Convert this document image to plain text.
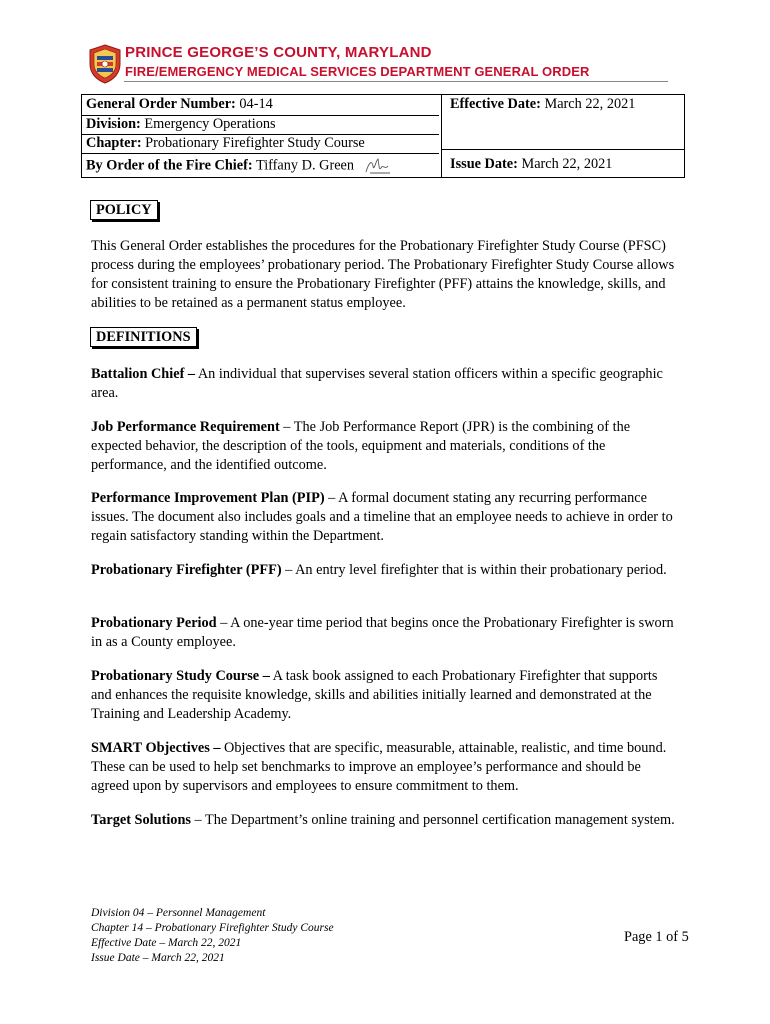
PRINCE GEORGE’S COUNTY, MARYLAND
FIRE/EMERGENCY MEDICAL SERVICES DEPARTMENT GENERAL ORDER
General Order Number: 04-14
Division: Emergency Operations
Chapter: Probationary Firefighter Study Course
By Order of the Fire Chief: Tiffany D. Green
Effective Date: March 22, 2021
Issue Date: March 22, 2021
POLICY

This General Order establishes the procedures for the Probationary Firefighter Study Course (PFSC) process during the employees’ probationary period. The Probationary Firefighter Study Course allows for consistent training to ensure the Probationary Firefighter (PFF) attains the knowledge, skills, and abilities to be retained as a permanent status employee.

DEFINITIONS

Battalion Chief – An individual that supervises several station officers within a specific geographic area.

Job Performance Requirement – The Job Performance Report (JPR) is the combining of the expected behavior, the description of the tools, equipment and materials, conditions of the performance, and the identified outcome.

Performance Improvement Plan (PIP) – A formal document stating any recurring performance issues. The document also includes goals and a timeline that an employee needs to achieve in order to regain satisfactory standing within the Department.

Probationary Firefighter (PFF) – An entry level firefighter that is within their probationary period.

Probationary Period – A one-year time period that begins once the Probationary Firefighter is sworn in as a County employee.

Probationary Study Course – A task book assigned to each Probationary Firefighter that supports and enhances the requisite knowledge, skills and abilities initially learned and demonstrated at the Training and Leadership Academy.

SMART Objectives – Objectives that are specific, measurable, attainable, realistic, and time bound. These can be used to help set benchmarks to improve an employee’s performance and should be agreed upon by supervisors and employees to ensure commitment to them.

Target Solutions – The Department’s online training and personnel certification management system.

Division 04 – Personnel Management
Chapter 14 – Probationary Firefighter Study Course
Effective Date – March 22, 2021
Issue Date – March 22, 2021
Page 1 of 5
